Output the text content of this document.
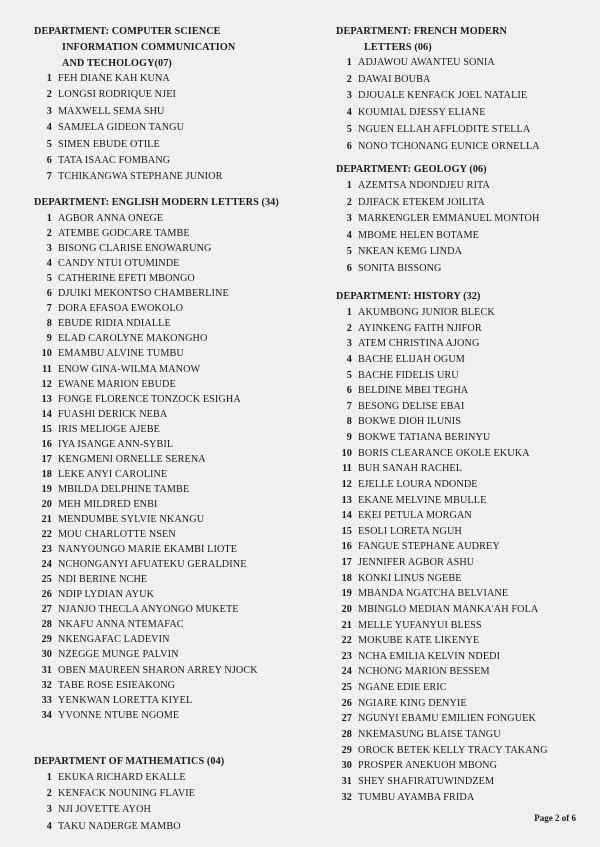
DEPARTMENT: COMPUTER SCIENCE
INFORMATION COMMUNICATION
AND TECHOLOGY(07)
1 FEH DIANE KAH KUNA
2 LONGSI RODRIQUE NJEI
3 MAXWELL SEMA SHU
4 SAMJELA GIDEON TANGU
5 SIMEN EBUDE OTILE
6 TATA ISAAC FOMBANG
7 TCHIKANGWA STEPHANE JUNIOR
DEPARTMENT: ENGLISH MODERN LETTERS (34)
1 AGBOR ANNA ONEGE
2 ATEMBE GODCARE TAMBE
3 BISONG CLARISE ENOWARUNG
4 CANDY NTUI OTUMINDE
5 CATHERINE EFETI MBONGO
6 DJUIKI MEKONTSO CHAMBERLINE
7 DORA EFASOA EWOKOLO
8 EBUDE RIDIA NDIALLE
9 ELAD CAROLYNE MAKONGHO
10 EMAMBU ALVINE TUMBU
11 ENOW GINA-WILMA MANOW
12 EWANE MARION EBUDE
13 FONGE FLORENCE TONZOCK ESIGHA
14 FUASHI DERICK NEBA
15 IRIS MELIOGE AJEBE
16 IYA ISANGE ANN-SYBIL
17 KENGMENI ORNELLE SERENA
18 LEKE ANYI CAROLINE
19 MBILDA DELPHINE TAMBE
20 MEH MILDRED ENBI
21 MENDUMBE SYLVIE NKANGU
22 MOU CHARLOTTE NSEN
23 NANYOUNGO MARIE EKAMBI LIOTE
24 NCHONGANYI AFUATEKU GERALDINE
25 NDI BERINE NCHE
26 NDIP LYDIAN AYUK
27 NJANJO THECLA ANYONGO MUKETE
28 NKAFU ANNA NTEMAFAC
29 NKENGAFAC LADEVIN
30 NZEGGE MUNGE PALVIN
31 OBEN MAUREEN SHARON ARREY NJOCK
32 TABE ROSE ESIEAKONG
33 YENKWAN LORETTA KIYEL
34 YVONNE NTUBE NGOME
DEPARTMENT OF MATHEMATICS (04)
1 EKUKA RICHARD EKALLE
2 KENFACK NOUNING FLAVIE
3 NJI JOVETTE AYOH
4 TAKU NADERGE MAMBO
DEPARTMENT: FRENCH MODERN
LETTERS (06)
1 ADJAWOU AWANTEU SONIA
2 DAWAI BOUBA
3 DJOUALE KENFACK JOEL NATALIE
4 KOUMIAL DJESSY ELIANE
5 NGUEN ELLAH AFFLODITE STELLA
6 NONO TCHONANG EUNICE ORNELLA
DEPARTMENT: GEOLOGY (06)
1 AZEMTSA NDONDJEU RITA
2 DJIFACK ETEKEM JOILITA
3 MARKENGLER EMMANUEL MONTOH
4 MBOME HELEN BOTAME
5 NKEAN KEMG LINDA
6 SONITA BISSONG
DEPARTMENT: HISTORY (32)
1 AKUMBONG JUNIOR BLECK
2 AYINKENG FAITH NJIFOR
3 ATEM CHRISTINA AJONG
4 BACHE ELIJAH OGUM
5 BACHE FIDELIS URU
6 BELDINE MBEI TEGHA
7 BESONG DELISE EBAI
8 BOKWE DIOH ILUNIS
9 BOKWE TATIANA BERINYU
10 BORIS CLEARANCE OKOLE EKUKA
11 BUH SANAH RACHEL
12 EJELLE LOURA NDONDE
13 EKANE MELVINE MBULLE
14 EKEI PETULA MORGAN
15 ESOLI LORETA NGUH
16 FANGUE STEPHANE AUDREY
17 JENNIFER AGBOR ASHU
18 KONKI LINUS NGEBE
19 MBANDA NGATCHA BELVIANE
20 MBINGLO MEDIAN MANKA'AH FOLA
21 MELLE YUFANYUI BLESS
22 MOKUBE KATE LIKENYE
23 NCHA EMILIA KELVIN NDEDI
24 NCHONG MARION BESSEM
25 NGANE EDIE ERIC
26 NGIARE KING DENYIE
27 NGUNYI EBAMU EMILIEN FONGUEK
28 NKEMASUNG BLAISE TANGU
29 OROCK BETEK KELLY TRACY TAKANG
30 PROSPER ANEKUOH MBONG
31 SHEY SHAFIRATUWINDZEM
32 TUMBU AYAMBA FRIDA
Page 2 of 6
